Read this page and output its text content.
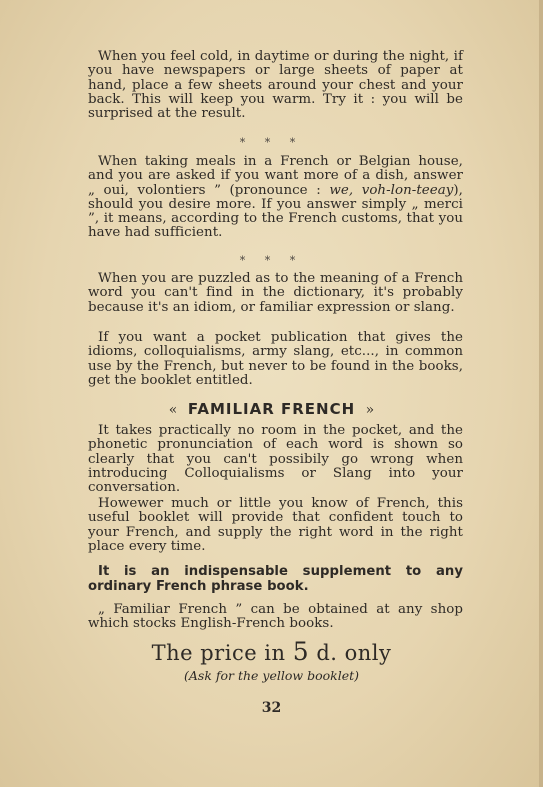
When you feel cold, in daytime or during the night, if you have newspapers or large sheets of paper at hand, place a few sheets around your chest and your back. This will keep you warm. Try it : you will be surprised at the result.

* * *

When taking meals in a French or Belgian house, and you are asked if you want more of a dish, answer „ oui, volontiers ” (pronounce : we, voh-lon-teeay), should you desire more. If you answer simply „ merci ”, it means, according to the French customs, that you have had sufficient.

* * *

When you are puzzled as to the meaning of a French word you can't find in the dictionary, it's probably because it's an idiom, or familiar expression or slang.

If you want a pocket publication that gives the idioms, colloquialisms, army slang, etc..., in common use by the French, but never to be found in the books, get the booklet entitled.

« FAMILIAR FRENCH »

It takes practically no room in the pocket, and the phonetic pronunciation of each word is shown so clearly that you can't possibily go wrong when introducing Colloquialisms or Slang into your conversation.

Howewer much or little you know of French, this useful booklet will provide that confident touch to your French, and supply the right word in the right place every time.

It is an indispensable supplement to any ordinary French phrase book.

„ Familiar French ” can be obtained at any shop which stocks English-French books.

The price in 5 d. only
(Ask for the yellow booklet)
32
